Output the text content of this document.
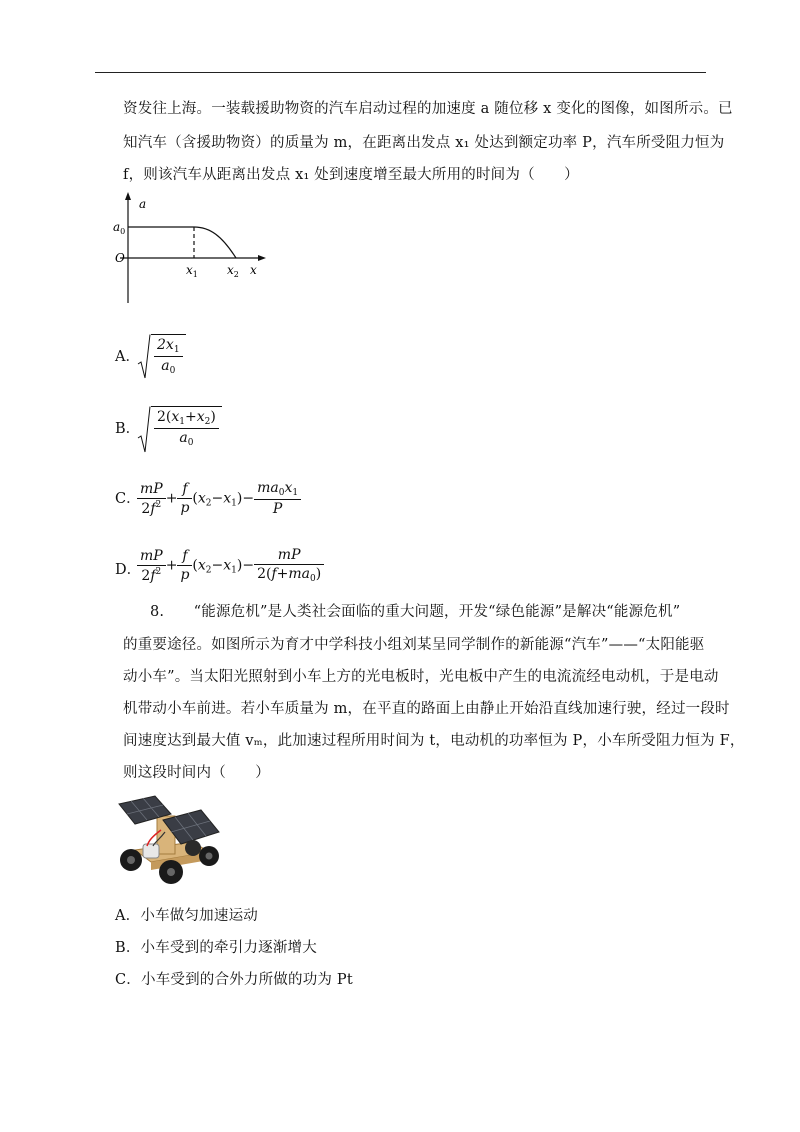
资发往上海。一装载援助物资的汽车启动过程的加速度 a 随位移 x 变化的图像，如图所示。已
知汽车（含援助物资）的质量为 m，在距离出发点 x₁ 处达到额定功率 P，汽车所受阻力恒为
f，则该汽车从距离出发点 x₁ 处到速度增至最大所用的时间为（　　）
a
$a_0$
O
$x_1$ $x_2$ x
A． $\frac{2x_1}{a_0}$
B． $\frac{2(x_1+x_2)}{a_0}$
C．
$\frac{mP}{2f^2} + \frac{f}{p} (x_2-x_1)- \frac{ma_0x_1}{P}$
D．
$\frac{mP}{2f^2} + \frac{f}{p} (x_2-x_1)- \frac{mP}{2(f+ma_0)}$
8.　　“能源危机”是人类社会面临的重大问题，开发“绿色能源”是解决“能源危机”
的重要途径。如图所示为育才中学科技小组刘某呈同学制作的新能源“汽车”——“太阳能驱
动小车”。当太阳光照射到小车上方的光电板时，光电板中产生的电流流经电动机，于是电动
机带动小车前进。若小车质量为 m，在平直的路面上由静止开始沿直线加速行驶，经过一段时
间速度达到最大值 vₘ，此加速过程所用时间为 t，电动机的功率恒为 P，小车所受阻力恒为 F，
则这段时间内（　　）
A．小车做匀加速运动
B．小车受到的牵引力逐渐增大
C．小车受到的合外力所做的功为 Pt
